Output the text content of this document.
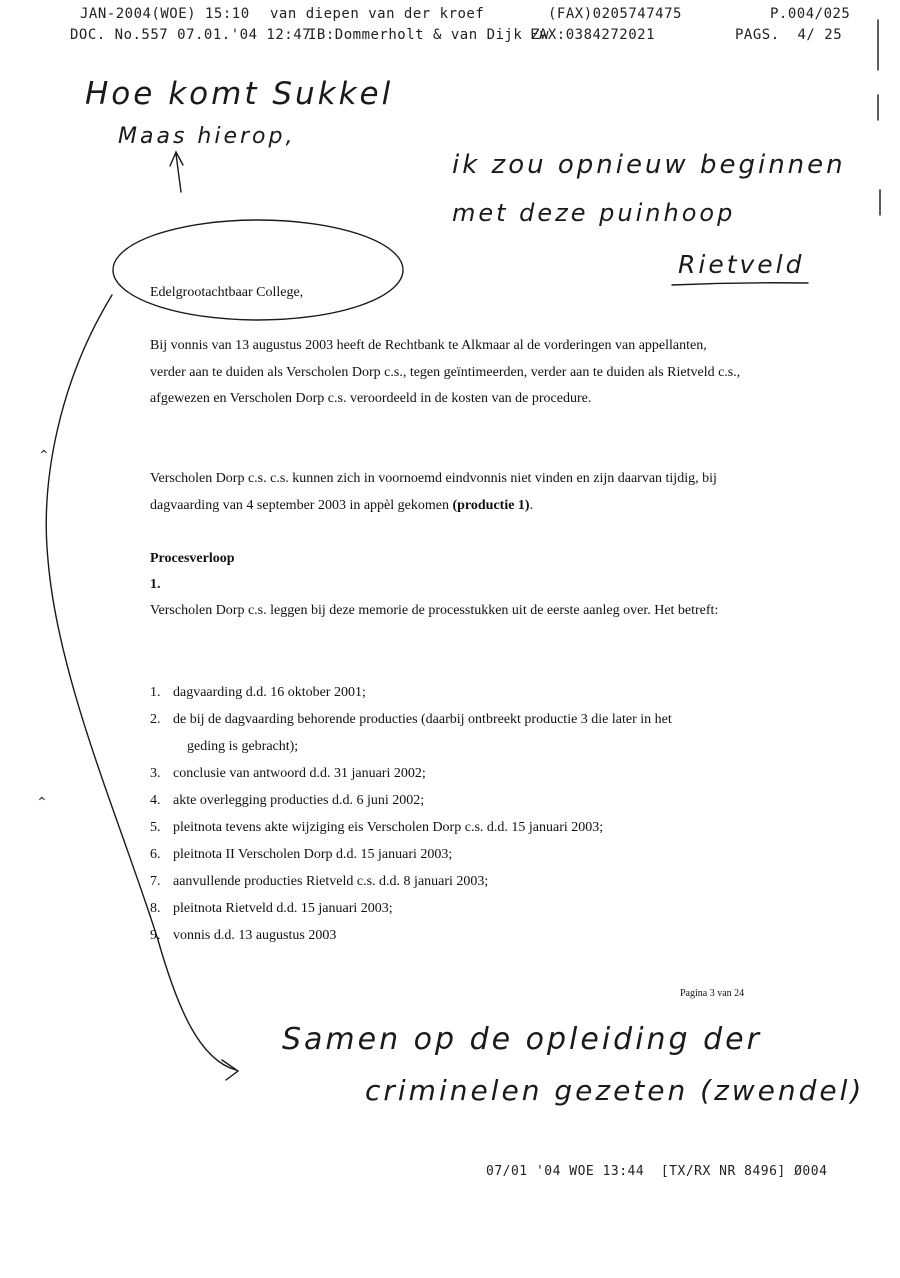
JAN-2004(WOE) 15:10 van diepen van der kroef	(FAX)0205747475	P.004/025
DOC. No.557 07.01.'04 12:47
IB:Dommerholt & van Dijk Zw
FAX:0384272021	PAGS.  4/ 25
Hoe komt Sukkel
Maas hierop,
ik zou opnieuw beginnen
met deze puinhoop
Rietveld
Samen op de opleiding der
criminelen gezeten (zwendel)
⌃
⌃
Edelgrootachtbaar College,

Bij vonnis van 13 augustus 2003 heeft de Rechtbank te Alkmaar al de vorderingen van appellanten, verder aan te duiden als Verscholen Dorp c.s., tegen geïntimeerden, verder aan te duiden als Rietveld c.s., afgewezen en Verscholen Dorp c.s. veroordeeld in de kosten van de procedure.

Verscholen Dorp c.s. c.s. kunnen zich in voornoemd eindvonnis niet vinden en zijn daarvan tijdig, bij dagvaarding van 4 september 2003 in appèl gekomen (productie 1).

Procesverloop
1.

Verscholen Dorp c.s. leggen bij deze memorie de processtukken uit de eerste aanleg over. Het betreft:

1. dagvaarding d.d. 16 oktober 2001;
2. de bij de dagvaarding behorende producties (daarbij ontbreekt productie 3 die later in het
geding is gebracht);
3. conclusie van antwoord d.d. 31 januari 2002;
4. akte overlegging producties d.d. 6 juni 2002;
5. pleitnota tevens akte wijziging eis Verscholen Dorp c.s. d.d. 15 januari 2003;
6. pleitnota II Verscholen Dorp d.d. 15 januari 2003;
7. aanvullende producties Rietveld c.s. d.d. 8 januari 2003;
8. pleitnota Rietveld d.d. 15 januari 2003;
9. vonnis d.d. 13 augustus 2003
Pagina 3 van 24
07/01 '04 WOE 13:44  [TX/RX NR 8496] Ø004
